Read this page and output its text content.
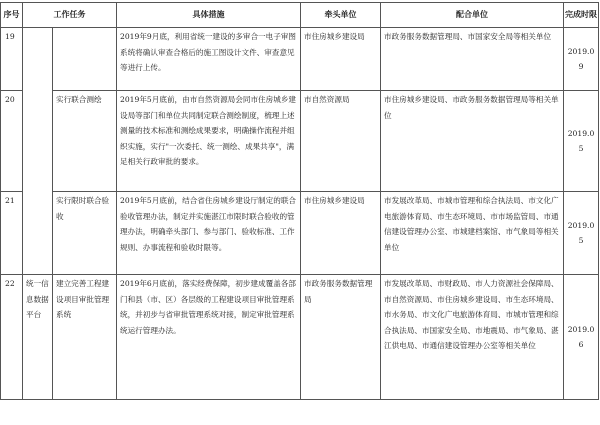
序号	工作任务		具体措施	牵头单位	配合单位	完成时限
19			2019年9月底，利用省统一建设的多审合一电子审图系统将确认审查合格后的施工图设计文件、审查意见等进行上传。	市住房城乡建设局	市政务服务数据管理局、市国家安全局等相关单位	2019.09
20		实行联合测绘	2019年5月底前，由市自然资源局会同市住房城乡建设局等部门和单位共同制定联合测绘制度，梳理上述测量的技术标准和测绘成果要求，明确操作流程并组织实施，实行"一次委托、统一测绘、成果共享"，满足相关行政审批的要求。	市自然资源局	市住房城乡建设局、市政务服务数据管理局等相关单位	2019.05
21		实行限时联合验收	2019年5月底前，结合省住房城乡建设厅制定的联合验收管理办法，制定并实施湛江市限时联合验收的管理办法，明确牵头部门、参与部门、验收标准、工作规则、办事流程和验收时限等。	市住房城乡建设局	市发展改革局、市城市管理和综合执法局、市文化广电旅游体育局、市生态环境局、市市场监管局、市通信建设管理办公室、市城建档案馆、市气象局等相关单位	2019.05
22	统一信息数据平台	建立完善工程建设项目审批管理系统	2019年6月底前，落实经费保障，初步建成覆盖各部门和县（市、区）各层级的工程建设项目审批管理系统，并初步与省审批管理系统对接，制定审批管理系统运行管理办法。	市政务服务数据管理局	市发展改革局、市财政局、市人力资源社会保障局、市自然资源局、市住房城乡建设局、市生态环境局、市水务局、市文化广电旅游体育局、市城市管理和综合执法局、市国家安全局、市地震局、市气象局、湛江供电局、市通信建设管理办公室等相关单位	2019.06
